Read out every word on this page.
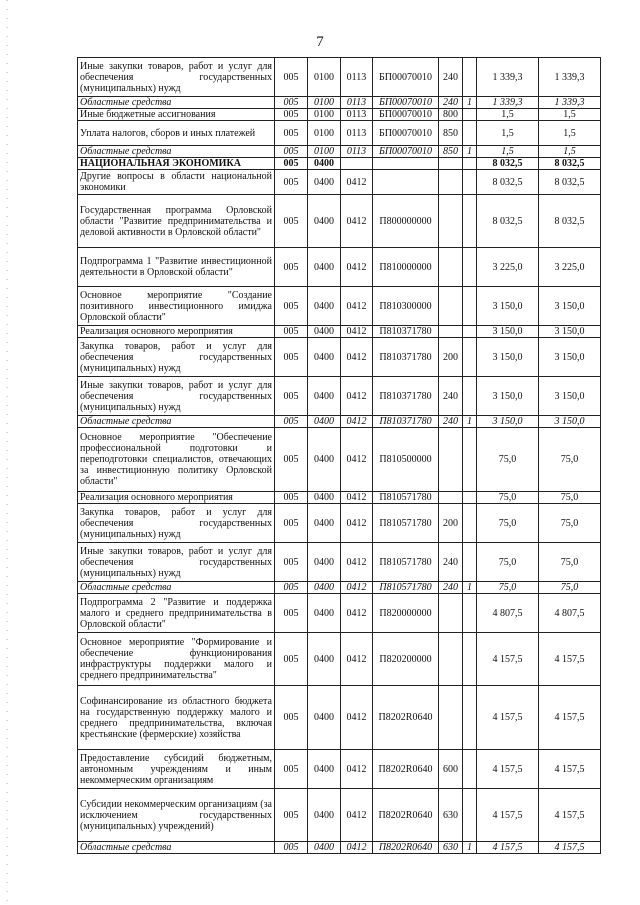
7
Иные закупки товаров, работ и услуг для обеспечения государственных (муниципальных) нужд	005	0100	0113	БП00070010	240		1 339,3	1 339,3
Областные средства	005	0100	0113	БП00070010	240	1	1 339,3	1 339,3
Иные бюджетные ассигнования	005	0100	0113	БП00070010	800		1,5	1,5
Уплата налогов, сборов и иных платежей	005	0100	0113	БП00070010	850		1,5	1,5
Областные средства	005	0100	0113	БП00070010	850	1	1,5	1,5
НАЦИОНАЛЬНАЯ ЭКОНОМИКА	005	0400					8 032,5	8 032,5
Другие вопросы в области национальной экономики	005	0400	0412				8 032,5	8 032,5
Государственная программа Орловской области "Развитие предпринимательства и деловой активности в Орловской области"	005	0400	0412	П800000000			8 032,5	8 032,5
Подпрограмма 1 "Развитие инвестиционной деятельности в Орловской области"	005	0400	0412	П810000000			3 225,0	3 225,0
Основное мероприятие "Создание позитивного инвестиционного имиджа Орловской области"	005	0400	0412	П810300000			3 150,0	3 150,0
Реализация основного мероприятия	005	0400	0412	П810371780			3 150,0	3 150,0
Закупка товаров, работ и услуг для обеспечения государственных (муниципальных) нужд	005	0400	0412	П810371780	200		3 150,0	3 150,0
Иные закупки товаров, работ и услуг для обеспечения государственных (муниципальных) нужд	005	0400	0412	П810371780	240		3 150,0	3 150,0
Областные средства	005	0400	0412	П810371780	240	1	3 150,0	3 150,0
Основное мероприятие "Обеспечение профессиональной подготовки и переподготовки специалистов, отвечающих за инвестиционную политику Орловской области"	005	0400	0412	П810500000			75,0	75,0
Реализация основного мероприятия	005	0400	0412	П810571780			75,0	75,0
Закупка товаров, работ и услуг для обеспечения государственных (муниципальных) нужд	005	0400	0412	П810571780	200		75,0	75,0
Иные закупки товаров, работ и услуг для обеспечения государственных (муниципальных) нужд	005	0400	0412	П810571780	240		75,0	75,0
Областные средства	005	0400	0412	П810571780	240	1	75,0	75,0
Подпрограмма 2 "Развитие и поддержка малого и среднего предпринимательства в Орловской области"	005	0400	0412	П820000000			4 807,5	4 807,5
Основное мероприятие "Формирование и обеспечение функционирования инфраструктуры поддержки малого и среднего предпринимательства"	005	0400	0412	П820200000			4 157,5	4 157,5
Софинансирование из областного бюджета на государственную поддержку малого и среднего предпринимательства, включая крестьянские (фермерские) хозяйства	005	0400	0412	П8202R0640			4 157,5	4 157,5
Предоставление субсидий бюджетным, автономным учреждениям и иным некоммерческим организациям	005	0400	0412	П8202R0640	600		4 157,5	4 157,5
Субсидии некоммерческим организациям (за исключением государственных (муниципальных) учреждений)	005	0400	0412	П8202R0640	630		4 157,5	4 157,5
Областные средства	005	0400	0412	П8202R0640	630	1	4 157,5	4 157,5
